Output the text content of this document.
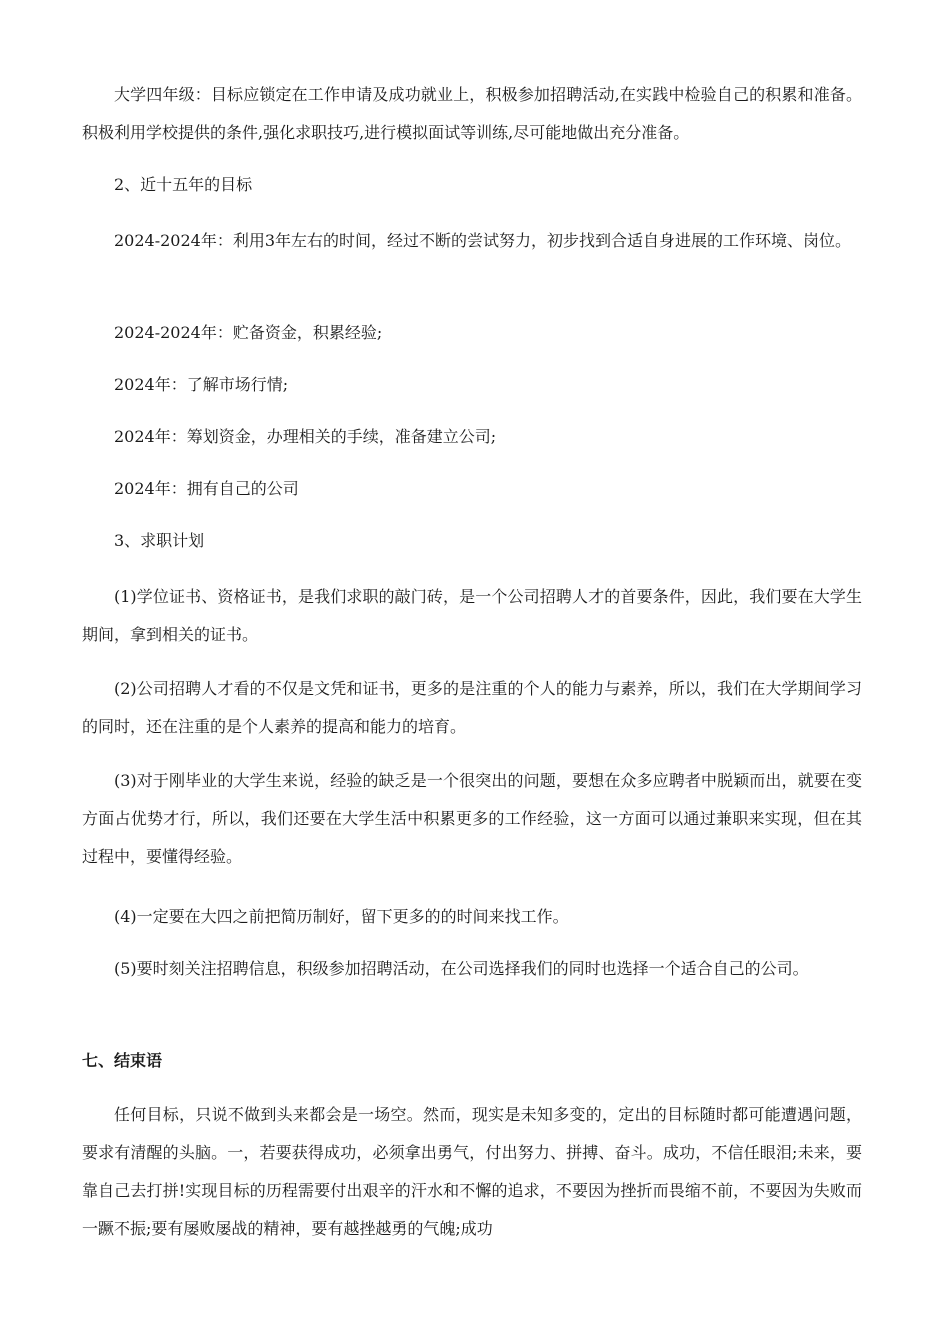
大学四年级：目标应锁定在工作申请及成功就业上，积极参加招聘活动,在实践中检验自己的积累和准备。积极利用学校提供的条件,强化求职技巧,进行模拟面试等训练,尽可能地做出充分准备。

2、近十五年的目标

2024-2024年：利用3年左右的时间，经过不断的尝试努力，初步找到合适自身进展的工作环境、岗位。

2024-2024年：贮备资金，积累经验;

2024年：了解市场行情;

2024年：筹划资金，办理相关的手续，准备建立公司;

2024年：拥有自己的公司

3、求职计划

(1)学位证书、资格证书，是我们求职的敲门砖，是一个公司招聘人才的首要条件，因此，我们要在大学生期间，拿到相关的证书。

(2)公司招聘人才看的不仅是文凭和证书，更多的是注重的个人的能力与素养，所以，我们在大学期间学习的同时，还在注重的是个人素养的提高和能力的培育。

(3)对于刚毕业的大学生来说，经验的缺乏是一个很突出的问题，要想在众多应聘者中脱颖而出，就要在变方面占优势才行，所以，我们还要在大学生活中积累更多的工作经验，这一方面可以通过兼职来实现，但在其过程中，要懂得经验。

(4)一定要在大四之前把简历制好，留下更多的的时间来找工作。

(5)要时刻关注招聘信息，积级参加招聘活动，在公司选择我们的同时也选择一个适合自己的公司。

七、结束语

任何目标，只说不做到头来都会是一场空。然而，现实是未知多变的，定出的目标随时都可能遭遇问题，要求有清醒的头脑。一，若要获得成功，必须拿出勇气，付出努力、拼搏、奋斗。成功，不信任眼泪;未来，要靠自己去打拼!实现目标的历程需要付出艰辛的汗水和不懈的追求，不要因为挫折而畏缩不前，不要因为失败而一蹶不振;要有屡败屡战的精神，要有越挫越勇的气魄;成功
